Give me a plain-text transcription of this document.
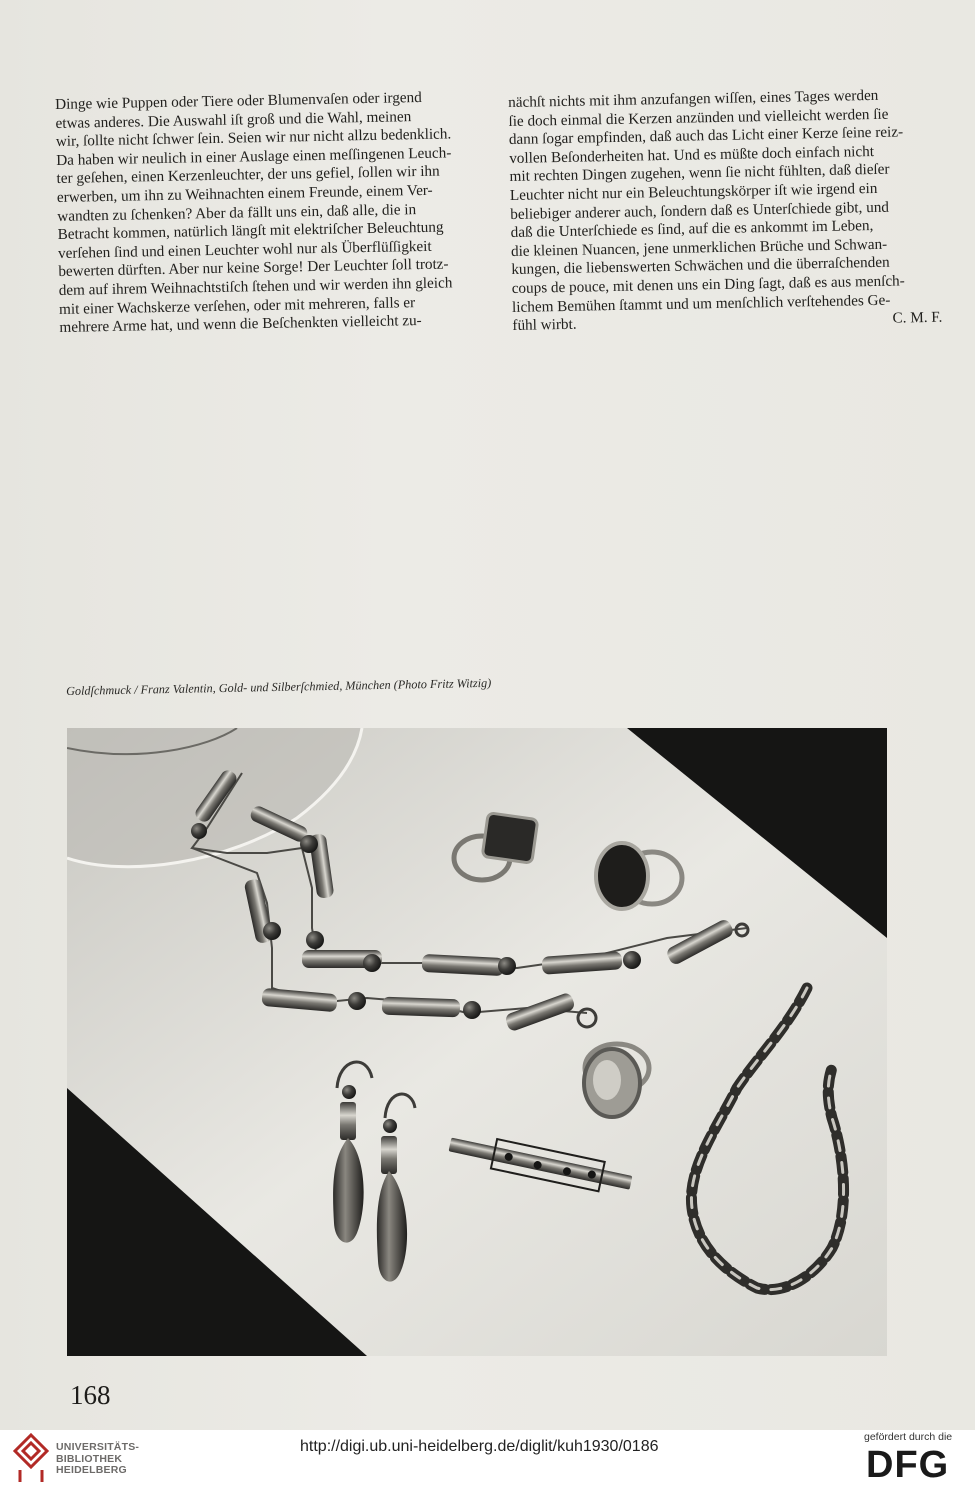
Dinge wie Puppen oder Tiere oder Blumenvaſen oder irgend
etwas anderes. Die Auswahl iſt groß und die Wahl, meinen
wir, ſollte nicht ſchwer ſein. Seien wir nur nicht allzu bedenklich.
Da haben wir neulich in einer Auslage einen meſſingenen Leuch-
ter geſehen, einen Kerzenleuchter, der uns gefiel, ſollen wir ihn
erwerben, um ihn zu Weihnachten einem Freunde, einem Ver-
wandten zu ſchenken? Aber da fällt uns ein, daß alle, die in
Betracht kommen, natürlich längſt mit elektriſcher Beleuchtung
verſehen ſind und einen Leuchter wohl nur als Überflüſſigkeit
bewerten dürften. Aber nur keine Sorge! Der Leuchter ſoll trotz-
dem auf ihrem Weihnachtstiſch ſtehen und wir werden ihn gleich
mit einer Wachskerze verſehen, oder mit mehreren, falls er
mehrere Arme hat, und wenn die Beſchenkten vielleicht zu-
nächſt nichts mit ihm anzufangen wiſſen, eines Tages werden
ſie doch einmal die Kerzen anzünden und vielleicht werden ſie
dann ſogar empfinden, daß auch das Licht einer Kerze ſeine reiz-
vollen Beſonderheiten hat. Und es müßte doch einfach nicht
mit rechten Dingen zugehen, wenn ſie nicht fühlten, daß dieſer
Leuchter nicht nur ein Beleuchtungskörper iſt wie irgend ein
beliebiger anderer auch, ſondern daß es Unterſchiede gibt, und
daß die Unterſchiede es ſind, auf die es ankommt im Leben,
die kleinen Nuancen, jene unmerklichen Brüche und Schwan-
kungen, die liebenswerten Schwächen und die überraſchenden
coups de pouce, mit denen uns ein Ding ſagt, daß es aus menſch-
lichem Bemühen ſtammt und um menſchlich verſtehendes Ge-
fühl wirbt.	C. M. F.
Goldſchmuck / Franz Valentin, Gold- und Silberſchmied, München (Photo Fritz Witzig)
168
UNIVERSITÄTS-
BIBLIOTHEK
HEIDELBERG
http://digi.ub.uni-heidelberg.de/diglit/kuh1930/0186
gefördert durch die
DFG
